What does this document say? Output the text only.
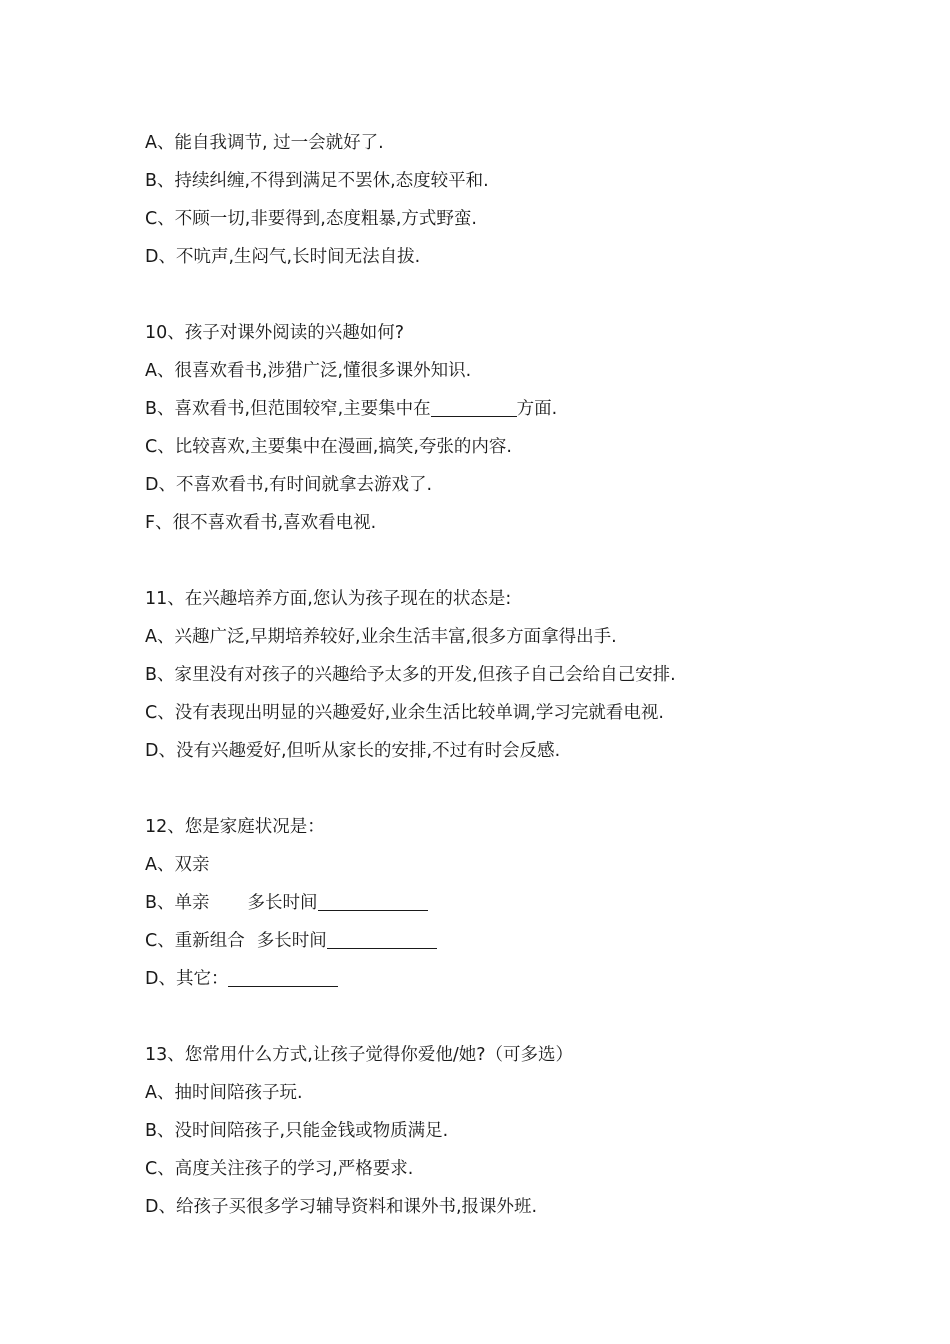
A、能自我调节, 过一会就好了.
B、持续纠缠,不得到满足不罢休,态度较平和.
C、不顾一切,非要得到,态度粗暴,方式野蛮.
D、不吭声,生闷气,长时间无法自拔.
10、孩子对课外阅读的兴趣如何?
A、很喜欢看书,涉猎广泛,懂很多课外知识.
B、喜欢看书,但范围较窄,主要集中在	方面.
C、比较喜欢,主要集中在漫画,搞笑,夸张的内容.
D、不喜欢看书,有时间就拿去游戏了.
F、很不喜欢看书,喜欢看电视.
11、在兴趣培养方面,您认为孩子现在的状态是:
A、兴趣广泛,早期培养较好,业余生活丰富,很多方面拿得出手.
B、家里没有对孩子的兴趣给予太多的开发,但孩子自己会给自己安排.
C、没有表现出明显的兴趣爱好,业余生活比较单调,学习完就看电视.
D、没有兴趣爱好,但听从家长的安排,不过有时会反感.
12、您是家庭状况是：
A、双亲
B、单亲 多长时间
C、重新组合 多长时间
D、其它：
13、您常用什么方式,让孩子觉得你爱他/她?（可多选）
A、抽时间陪孩子玩.
B、没时间陪孩子,只能金钱或物质满足.
C、高度关注孩子的学习,严格要求.
D、给孩子买很多学习辅导资料和课外书,报课外班.
